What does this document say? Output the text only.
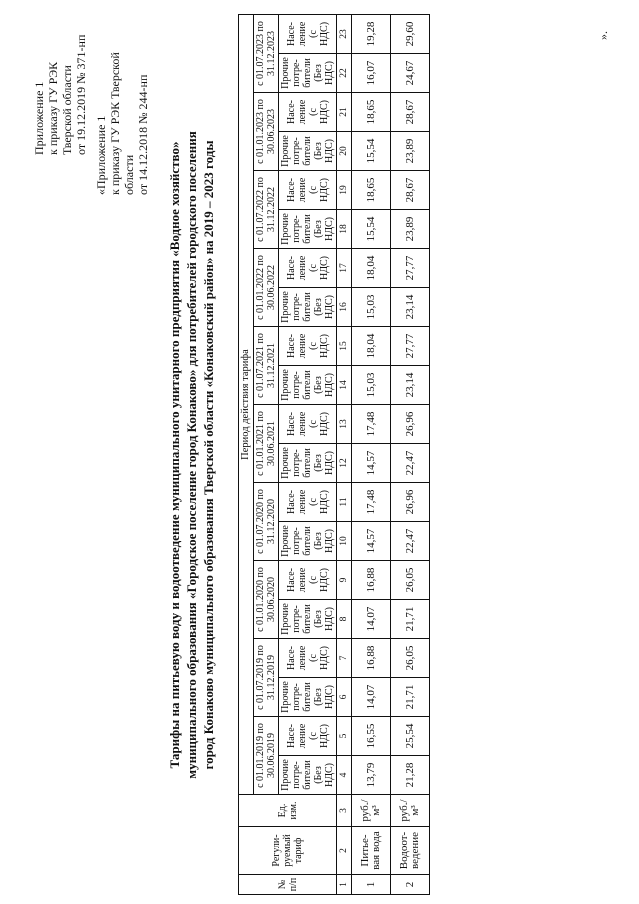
Приложение 1 к приказу ГУ РЭК Тверской области от 19.12.2019 № 371-нп
«Приложение 1 к приказу ГУ РЭК Тверской области от 14.12.2018 № 244-нп
Тарифы на питьевую воду и водоотведение муниципального унитарного предприятия «Водное хозяйство» муниципального образования «Городское поселение город Конаково» для потребителей городского поселения город Конаково муниципального образования Тверской области «Конаковский район» на 2019 – 2023 годы
№ п/п	Регули-руемый тариф	Ед. изм.	Период действия тарифа																			
			с 01.01.2019 по 30.06.2019		с 01.07.2019 по 31.12.2019		с 01.01.2020 по 30.06.2020		с 01.07.2020 по 31.12.2020		с 01.01.2021 по 30.06.2021		с 01.07.2021 по 31.12.2021		с 01.01.2022 по 30.06.2022		с 01.07.2022 по 31.12.2022		с 01.01.2023 по 30.06.2023		с 01.07.2023 по 31.12.2023	
			Прочие потре-бители (Без НДС)	Насе-ление (с НДС)	Прочие потре-бители (Без НДС)	Насе-ление (с НДС)	Прочие потре-бители (Без НДС)	Насе-ление (с НДС)	Прочие потре-бители (Без НДС)	Насе-ление (с НДС)	Прочие потре-бители (Без НДС)	Насе-ление (с НДС)	Прочие потре-бители (Без НДС)	Насе-ление (с НДС)	Прочие потре-бители (Без НДС)	Насе-ление (с НДС)	Прочие потре-бители (Без НДС)	Насе-ление (с НДС)	Прочие потре-бители (Без НДС)	Насе-ление (с НДС)	Прочие потре-бители (Без НДС)	Насе-ление (с НДС)
1	2	3	4	5	6	7	8	9	10	11	12	13	14	15	16	17	18	19	20	21	22	23
1	Питье-вая вода	руб./м³	13,79	16,55	14,07	16,88	14,07	16,88	14,57	17,48	14,57	17,48	15,03	18,04	15,03	18,04	15,54	18,65	15,54	18,65	16,07	19,28
2	Водоот-ведение	руб./м³	21,28	25,54	21,71	26,05	21,71	26,05	22,47	26,96	22,47	26,96	23,14	27,77	23,14	27,77	23,89	28,67	23,89	28,67	24,67	29,60	».
